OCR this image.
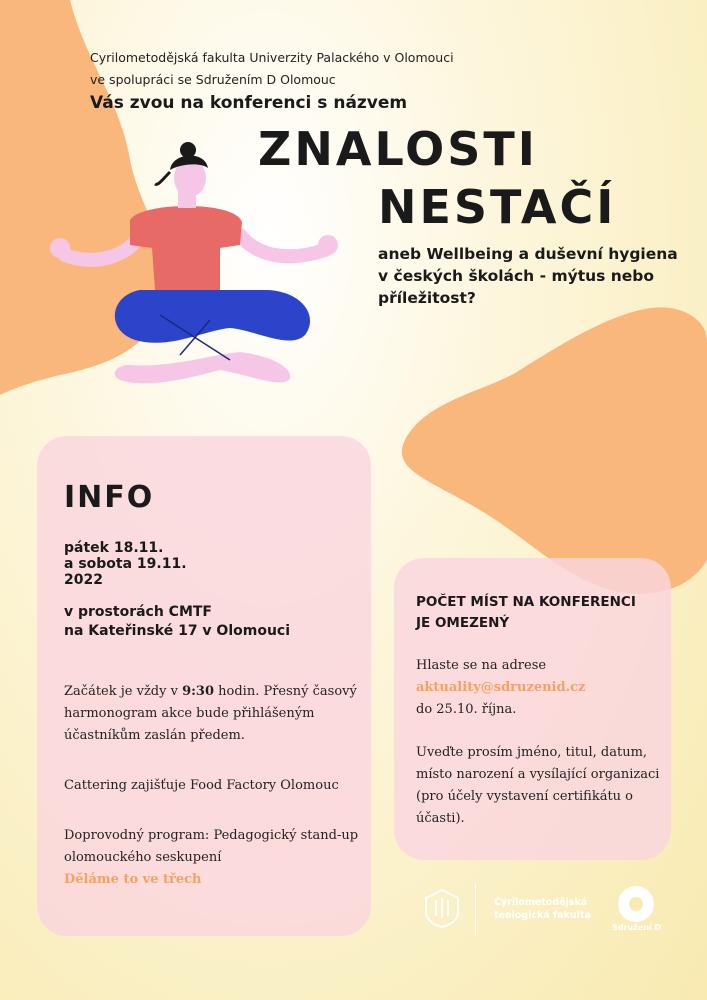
Cyrilometodějská fakulta Univerzity Palackého v Olomouci
ve spolupráci se Sdružením D Olomouc
Vás zvou na konferenci s názvem
ZNALOSTI
NESTAČÍ
aneb Wellbeing a duševní hygiena v českých školách - mýtus nebo příležitost?
INFO
pátek 18.11.
a sobota 19.11.
2022
v prostorách CMTF
na Kateřinské 17 v Olomouci
Začátek je vždy v 9:30 hodin. Přesný časový harmonogram akce bude přihlášeným účastníkům zaslán předem.
Cattering zajišťuje Food Factory Olomouc
Doprovodný program: Pedagogický stand-up olomouckého seskupení
Děláme to ve třech
POČET MÍST NA KONFERENCI
JE OMEZENÝ
Hlaste se na adrese
aktuality@sdruzenid.cz
do 25.10. října.
Uveďte prosím jméno, titul, datum, místo narození a vysílající organizaci (pro účely vystavení certifikátu o účasti).
Cyrilometodějská
teologická fakulta
Sdružení D
